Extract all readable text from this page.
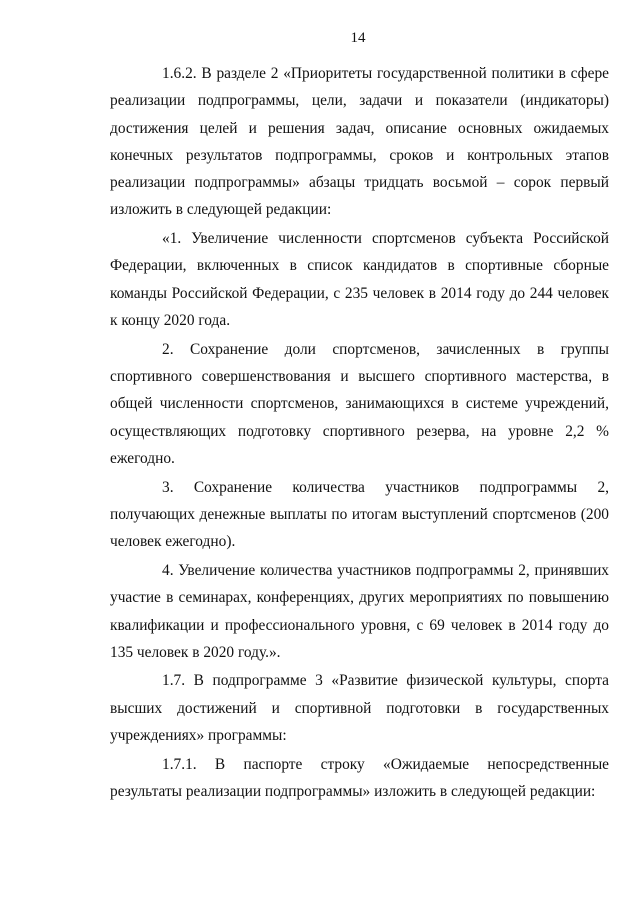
14

1.6.2. В разделе 2 «Приоритеты государственной политики в сфере реализации подпрограммы, цели, задачи и показатели (индикаторы) достижения целей и решения задач, описание основных ожидаемых конечных результатов подпрограммы, сроков и контрольных этапов реализации подпрограммы» абзацы тридцать восьмой – сорок первый изложить в следующей редакции:

«1. Увеличение численности спортсменов субъекта Российской Федерации, включенных в список кандидатов в спортивные сборные команды Российской Федерации, с 235 человек в 2014 году до 244 человек к концу 2020 года.

2. Сохранение доли спортсменов, зачисленных в группы спортивного совершенствования и высшего спортивного мастерства, в общей численности спортсменов, занимающихся в системе учреждений, осуществляющих подготовку спортивного резерва, на уровне 2,2 % ежегодно.

3. Сохранение количества участников подпрограммы 2, получающих денежные выплаты по итогам выступлений спортсменов (200 человек ежегодно).

4. Увеличение количества участников подпрограммы 2, принявших участие в семинарах, конференциях, других мероприятиях по повышению квалификации и профессионального уровня, с 69 человек в 2014 году до 135 человек в 2020 году.».

1.7. В подпрограмме 3 «Развитие физической культуры, спорта высших достижений и спортивной подготовки в государственных учреждениях» программы:

1.7.1. В паспорте строку «Ожидаемые непосредственные результаты реализации подпрограммы» изложить в следующей редакции:
